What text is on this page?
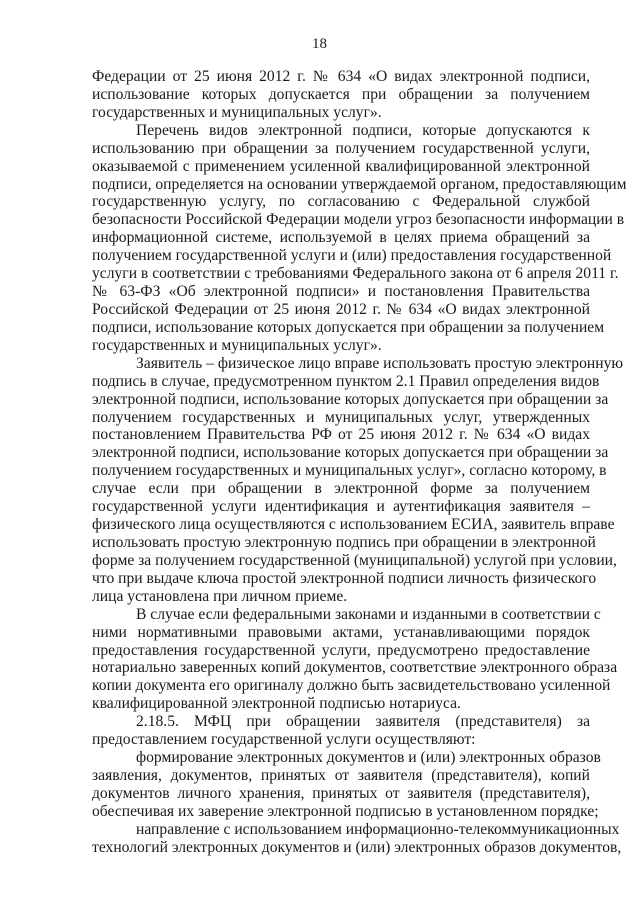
18
Федерации от 25 июня 2012 г. № 634 «О видах электронной подписи,
использование которых допускается при обращении за получением
государственных и муниципальных услуг».
Перечень видов электронной подписи, которые допускаются к
использованию при обращении за получением государственной услуги,
оказываемой с применением усиленной квалифицированной электронной
подписи, определяется на основании утверждаемой органом, предоставляющим
государственную услугу, по согласованию с Федеральной службой
безопасности Российской Федерации модели угроз безопасности информации в
информационной системе, используемой в целях приема обращений за
получением государственной услуги и (или) предоставления государственной
услуги в соответствии с требованиями Федерального закона от 6 апреля 2011 г.
№ 63-ФЗ «Об электронной подписи» и постановления Правительства
Российской Федерации от 25 июня 2012 г. № 634 «О видах электронной
подписи, использование которых допускается при обращении за получением
государственных и муниципальных услуг».
Заявитель – физическое лицо вправе использовать простую электронную
подпись в случае, предусмотренном пунктом 2.1 Правил определения видов
электронной подписи, использование которых допускается при обращении за
получением государственных и муниципальных услуг, утвержденных
постановлением Правительства РФ от 25 июня 2012 г. № 634 «О видах
электронной подписи, использование которых допускается при обращении за
получением государственных и муниципальных услуг», согласно которому, в
случае если при обращении в электронной форме за получением
государственной услуги идентификация и аутентификация заявителя –
физического лица осуществляются с использованием ЕСИА, заявитель вправе
использовать простую электронную подпись при обращении в электронной
форме за получением государственной (муниципальной) услугой при условии,
что при выдаче ключа простой электронной подписи личность физического
лица установлена при личном приеме.
В случае если федеральными законами и изданными в соответствии с
ними нормативными правовыми актами, устанавливающими порядок
предоставления государственной услуги, предусмотрено предоставление
нотариально заверенных копий документов, соответствие электронного образа
копии документа его оригиналу должно быть засвидетельствовано усиленной
квалифицированной электронной подписью нотариуса.
2.18.5. МФЦ при обращении заявителя (представителя) за
предоставлением государственной услуги осуществляют:
формирование электронных документов и (или) электронных образов
заявления, документов, принятых от заявителя (представителя), копий
документов личного хранения, принятых от заявителя (представителя),
обеспечивая их заверение электронной подписью в установленном порядке;
направление с использованием информационно-телекоммуникационных
технологий электронных документов и (или) электронных образов документов,
